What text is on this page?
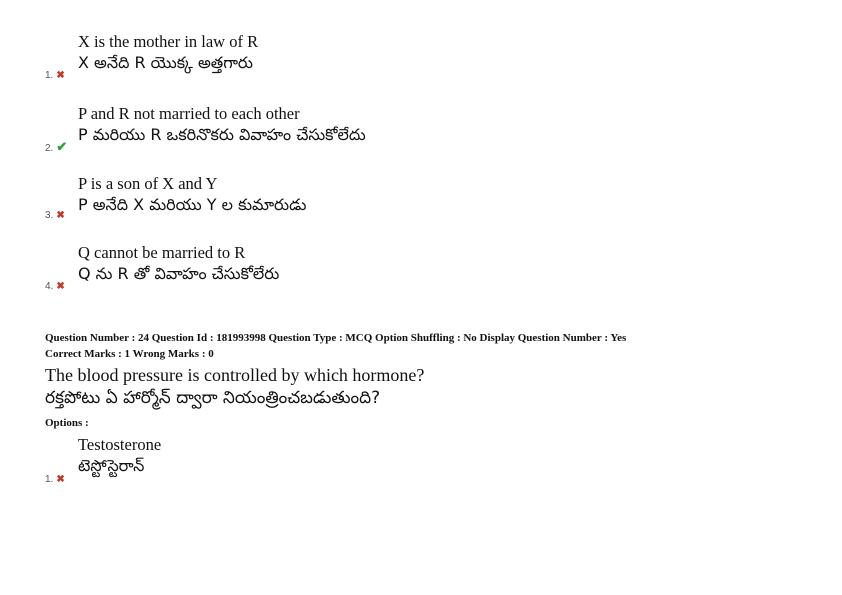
X is the mother in law of R
X అనేది R యొక్క అత్తగారు
1. ✖
P and R not married to each other
P మరియు R ఒకరినొకరు వివాహం చేసుకోలేదు
2. ✔
P is a son of X and Y
P అనేది X మరియు Y ల కుమారుడు
3. ✖
Q cannot be married to R
Q ను R తో వివాహం చేసుకోలేరు
4. ✖
Question Number : 24 Question Id : 181993998 Question Type : MCQ Option Shuffling : No Display Question Number : Yes
Correct Marks : 1 Wrong Marks : 0
The blood pressure is controlled by which hormone?
రక్తపోటు ఏ హార్మోన్ ద్వారా నియంత్రించబడుతుంది?
Options :
Testosterone
టెస్టోస్టెరాన్
1. ✖
